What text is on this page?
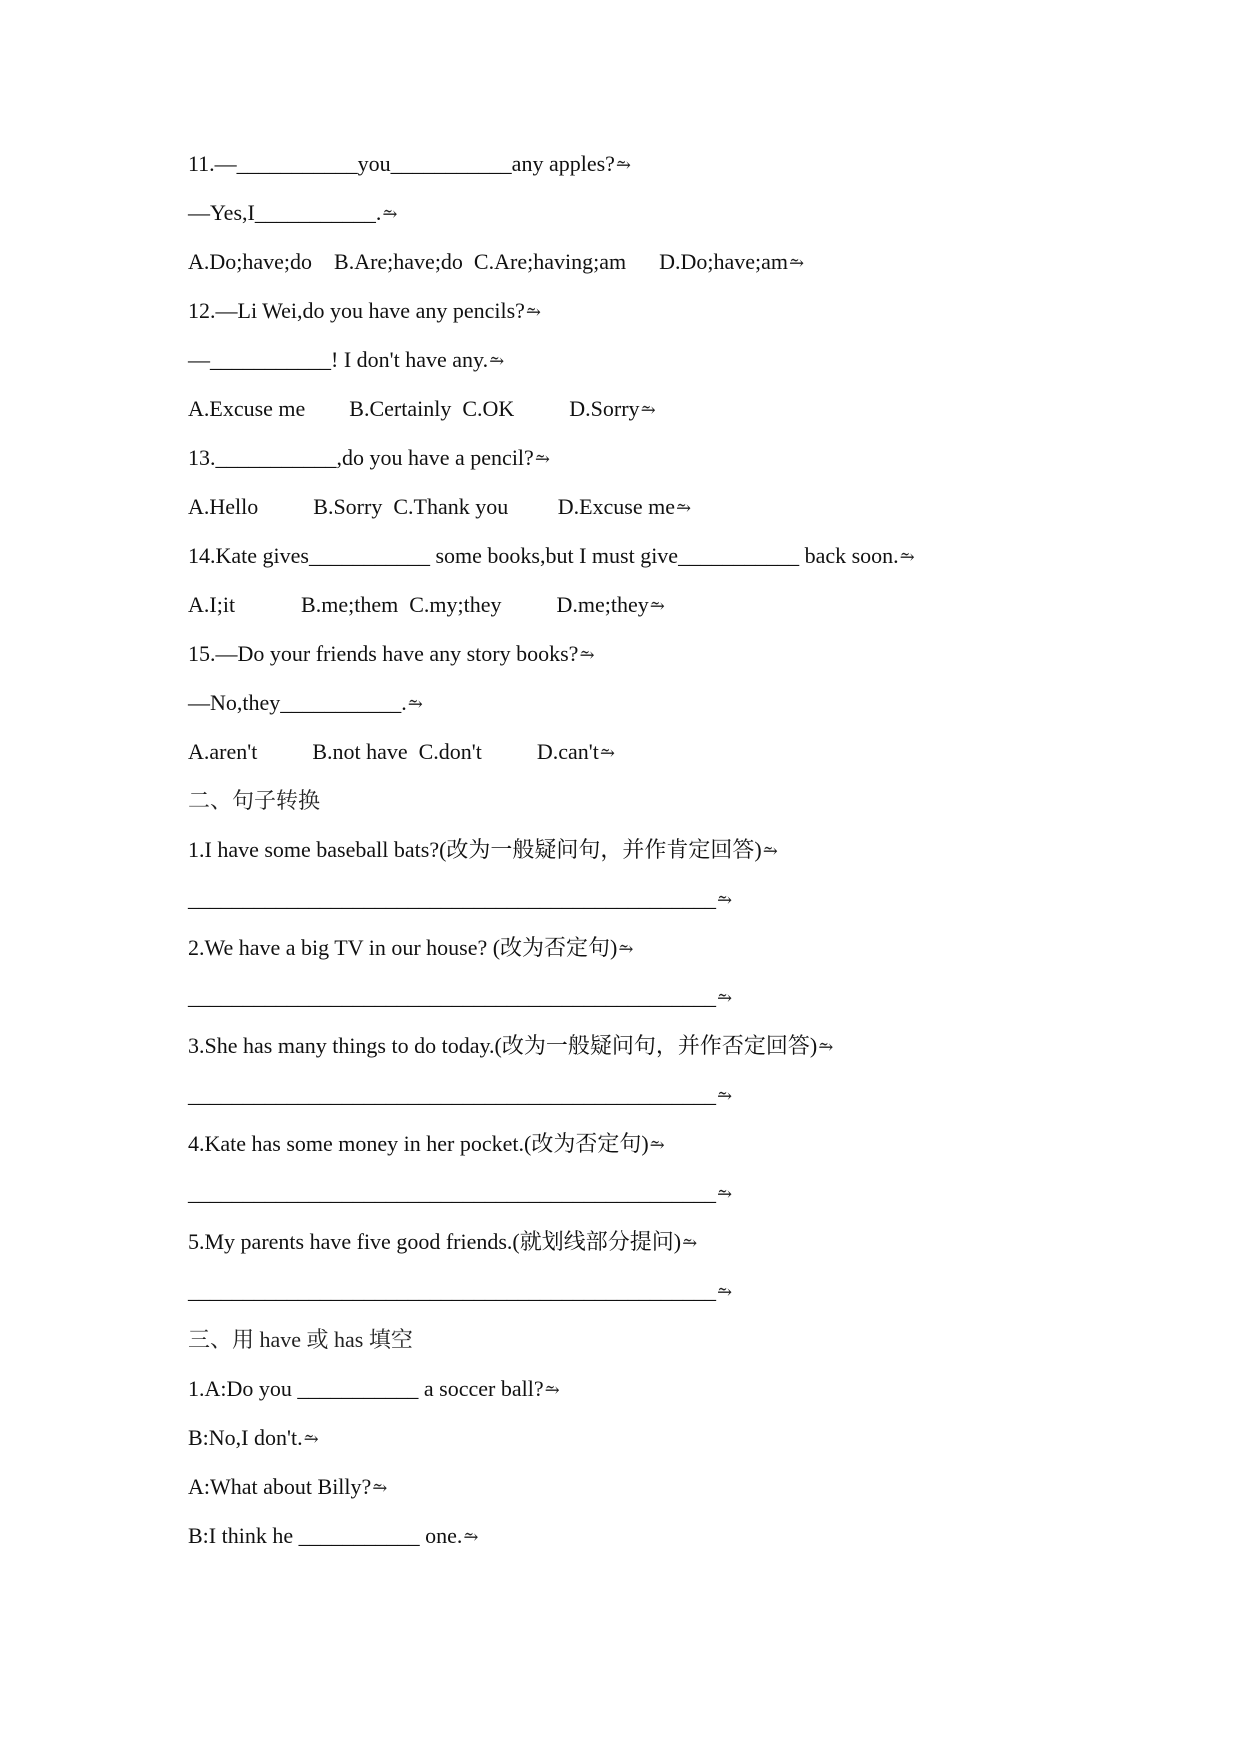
11.—___________you___________any apples?⥲
—Yes,I___________.⥲
A.Do;have;do    B.Are;have;do  C.Are;having;am      D.Do;have;am⥲
12.—Li Wei,do you have any pencils?⥲
—___________! I don't have any.⥲
A.Excuse me        B.Certainly  C.OK          D.Sorry⥲
13.___________,do you have a pencil?⥲
A.Hello          B.Sorry  C.Thank you         D.Excuse me⥲
14.Kate gives___________ some books,but I must give___________ back soon.⥲
A.I;it            B.me;them  C.my;they          D.me;they⥲
15.—Do your friends have any story books?⥲
—No,they___________.⥲
A.aren't          B.not have  C.don't          D.can't⥲
二、句子转换
1.I have some baseball bats?(改为一般疑问句，并作肯定回答)⥲
________________________________________________⥲
2.We have a big TV in our house? (改为否定句)⥲
________________________________________________⥲
3.She has many things to do today.(改为一般疑问句，并作否定回答)⥲
________________________________________________⥲
4.Kate has some money in her pocket.(改为否定句)⥲
________________________________________________⥲
5.My parents have five good friends.(就划线部分提问)⥲
________________________________________________⥲
三、用 have 或 has 填空
1.A:Do you ___________ a soccer ball?⥲
B:No,I don't.⥲
A:What about Billy?⥲
B:I think he ___________ one.⥲
